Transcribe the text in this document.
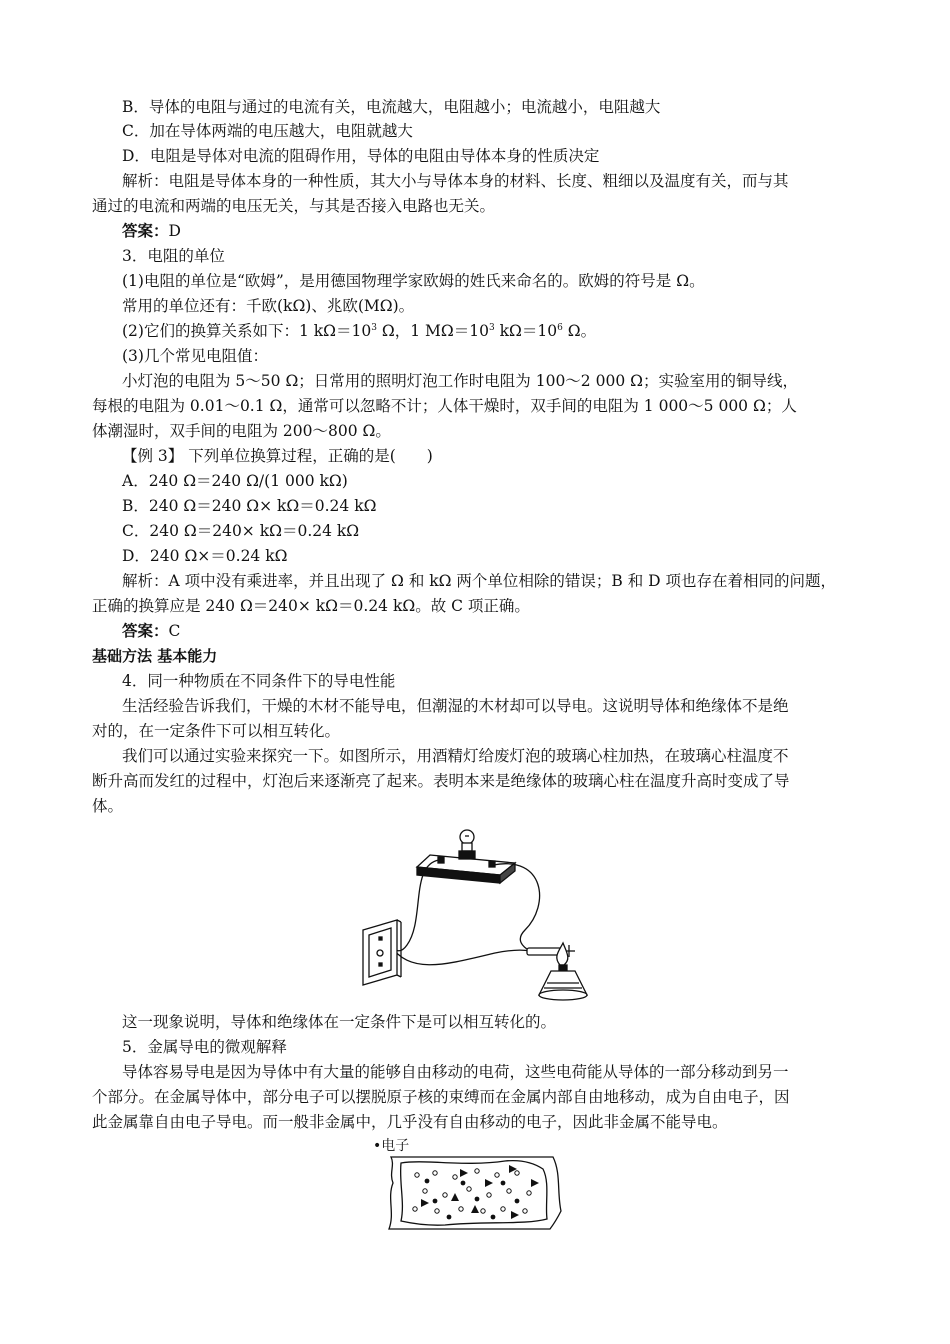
B．导体的电阻与通过的电流有关，电流越大，电阻越小；电流越小，电阻越大
C．加在导体两端的电压越大，电阻就越大
D．电阻是导体对电流的阻碍作用，导体的电阻由导体本身的性质决定
解析：电阻是导体本身的一种性质，其大小与导体本身的材料、长度、粗细以及温度有关，而与其
通过的电流和两端的电压无关，与其是否接入电路也无关。
答案：D
3．电阻的单位
(1)电阻的单位是“欧姆”，是用德国物理学家欧姆的姓氏来命名的。欧姆的符号是 Ω。
常用的单位还有：千欧(kΩ)、兆欧(MΩ)。
(2)它们的换算关系如下：1 $k\Omega=10^3$ Ω，1 $M\Omega=10^3$ $k\Omega=10^6$ Ω。
(3)几个常见电阻值：
小灯泡的电阻为 5～50 Ω；日常用的照明灯泡工作时电阻为 100～2 000 Ω；实验室用的铜导线，
每根的电阻为 0.01～0.1 Ω，通常可以忽略不计；人体干燥时，双手间的电阻为 1 000～5 000 Ω；人
体潮湿时，双手间的电阻为 200～800 Ω。
【例 3】 下列单位换算过程，正确的是(　　)
A．240 Ω＝240 Ω/(1 000 kΩ)
B．240 Ω＝240 Ω× kΩ＝0.24 kΩ
C．240 Ω＝240× kΩ＝0.24 kΩ
D．240 Ω×＝0.24 kΩ
解析：A 项中没有乘进率，并且出现了 Ω 和 kΩ 两个单位相除的错误；B 和 D 项也存在着相同的问题，
正确的换算应是 240 Ω＝240× kΩ＝0.24 kΩ。故 C 项正确。
答案：C
基础方法 基本能力
4．同一种物质在不同条件下的导电性能
生活经验告诉我们，干燥的木材不能导电，但潮湿的木材却可以导电。这说明导体和绝缘体不是绝
对的，在一定条件下可以相互转化。
我们可以通过实验来探究一下。如图所示，用酒精灯给废灯泡的玻璃心柱加热，在玻璃心柱温度不
断升高而发红的过程中，灯泡后来逐渐亮了起来。表明本来是绝缘体的玻璃心柱在温度升高时变成了导
体。
这一现象说明，导体和绝缘体在一定条件下是可以相互转化的。
5．金属导电的微观解释
导体容易导电是因为导体中有大量的能够自由移动的电荷，这些电荷能从导体的一部分移动到另一
个部分。在金属导体中，部分电子可以摆脱原子核的束缚而在金属内部自由地移动，成为自由电子，因
此金属靠自由电子导电。而一般非金属中，几乎没有自由移动的电子，因此非金属不能导电。
•电子
